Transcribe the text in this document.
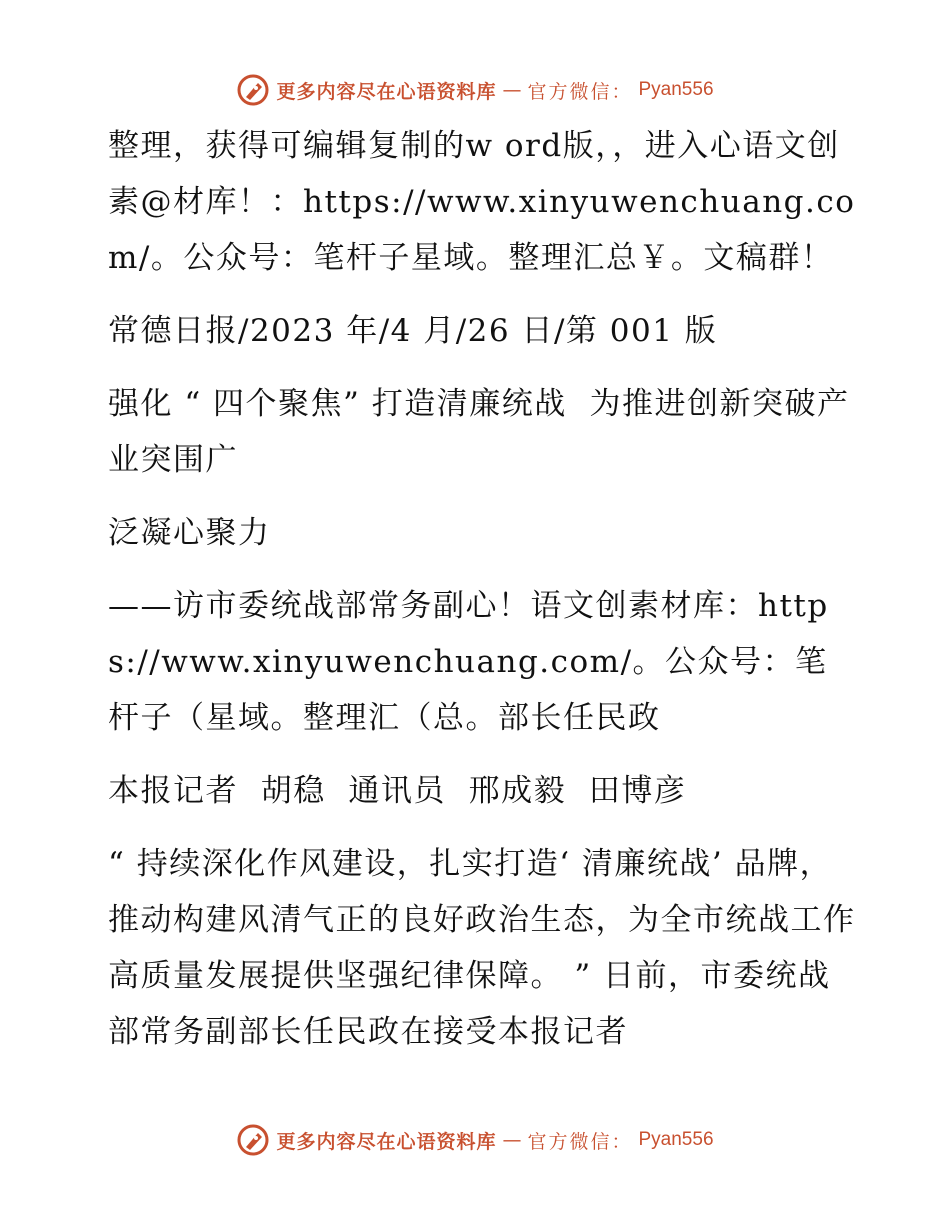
更多内容尽在心语资料库 — 官方微信： Pyan556

整理，获得可编辑复制的w ord版，，进入心语文创素@材库！：https://www.xinyuwenchuang.com/。公众号：笔杆子星域。整理汇总￥。文稿群！

常德日报/2023 年/4 月/26 日/第 001 版

强化 “ 四个聚焦” 打造清廉统战  为推进创新突破产业突围广

泛凝心聚力

——访市委统战部常务副心！语文创素材库：https://www.xinyuwenchuang.com/。公众号：笔杆子（星域。整理汇（总。部长任民政

本报记者  胡稳  通讯员  邢成毅  田博彦

“ 持续深化作风建设，扎实打造‘ 清廉统战’ 品牌，推动构建风清气正的良好政治生态，为全市统战工作高质量发展提供坚强纪律保障。 ” 日前，市委统战部常务副部长任民政在接受本报记者

更多内容尽在心语资料库 — 官方微信： Pyan556
